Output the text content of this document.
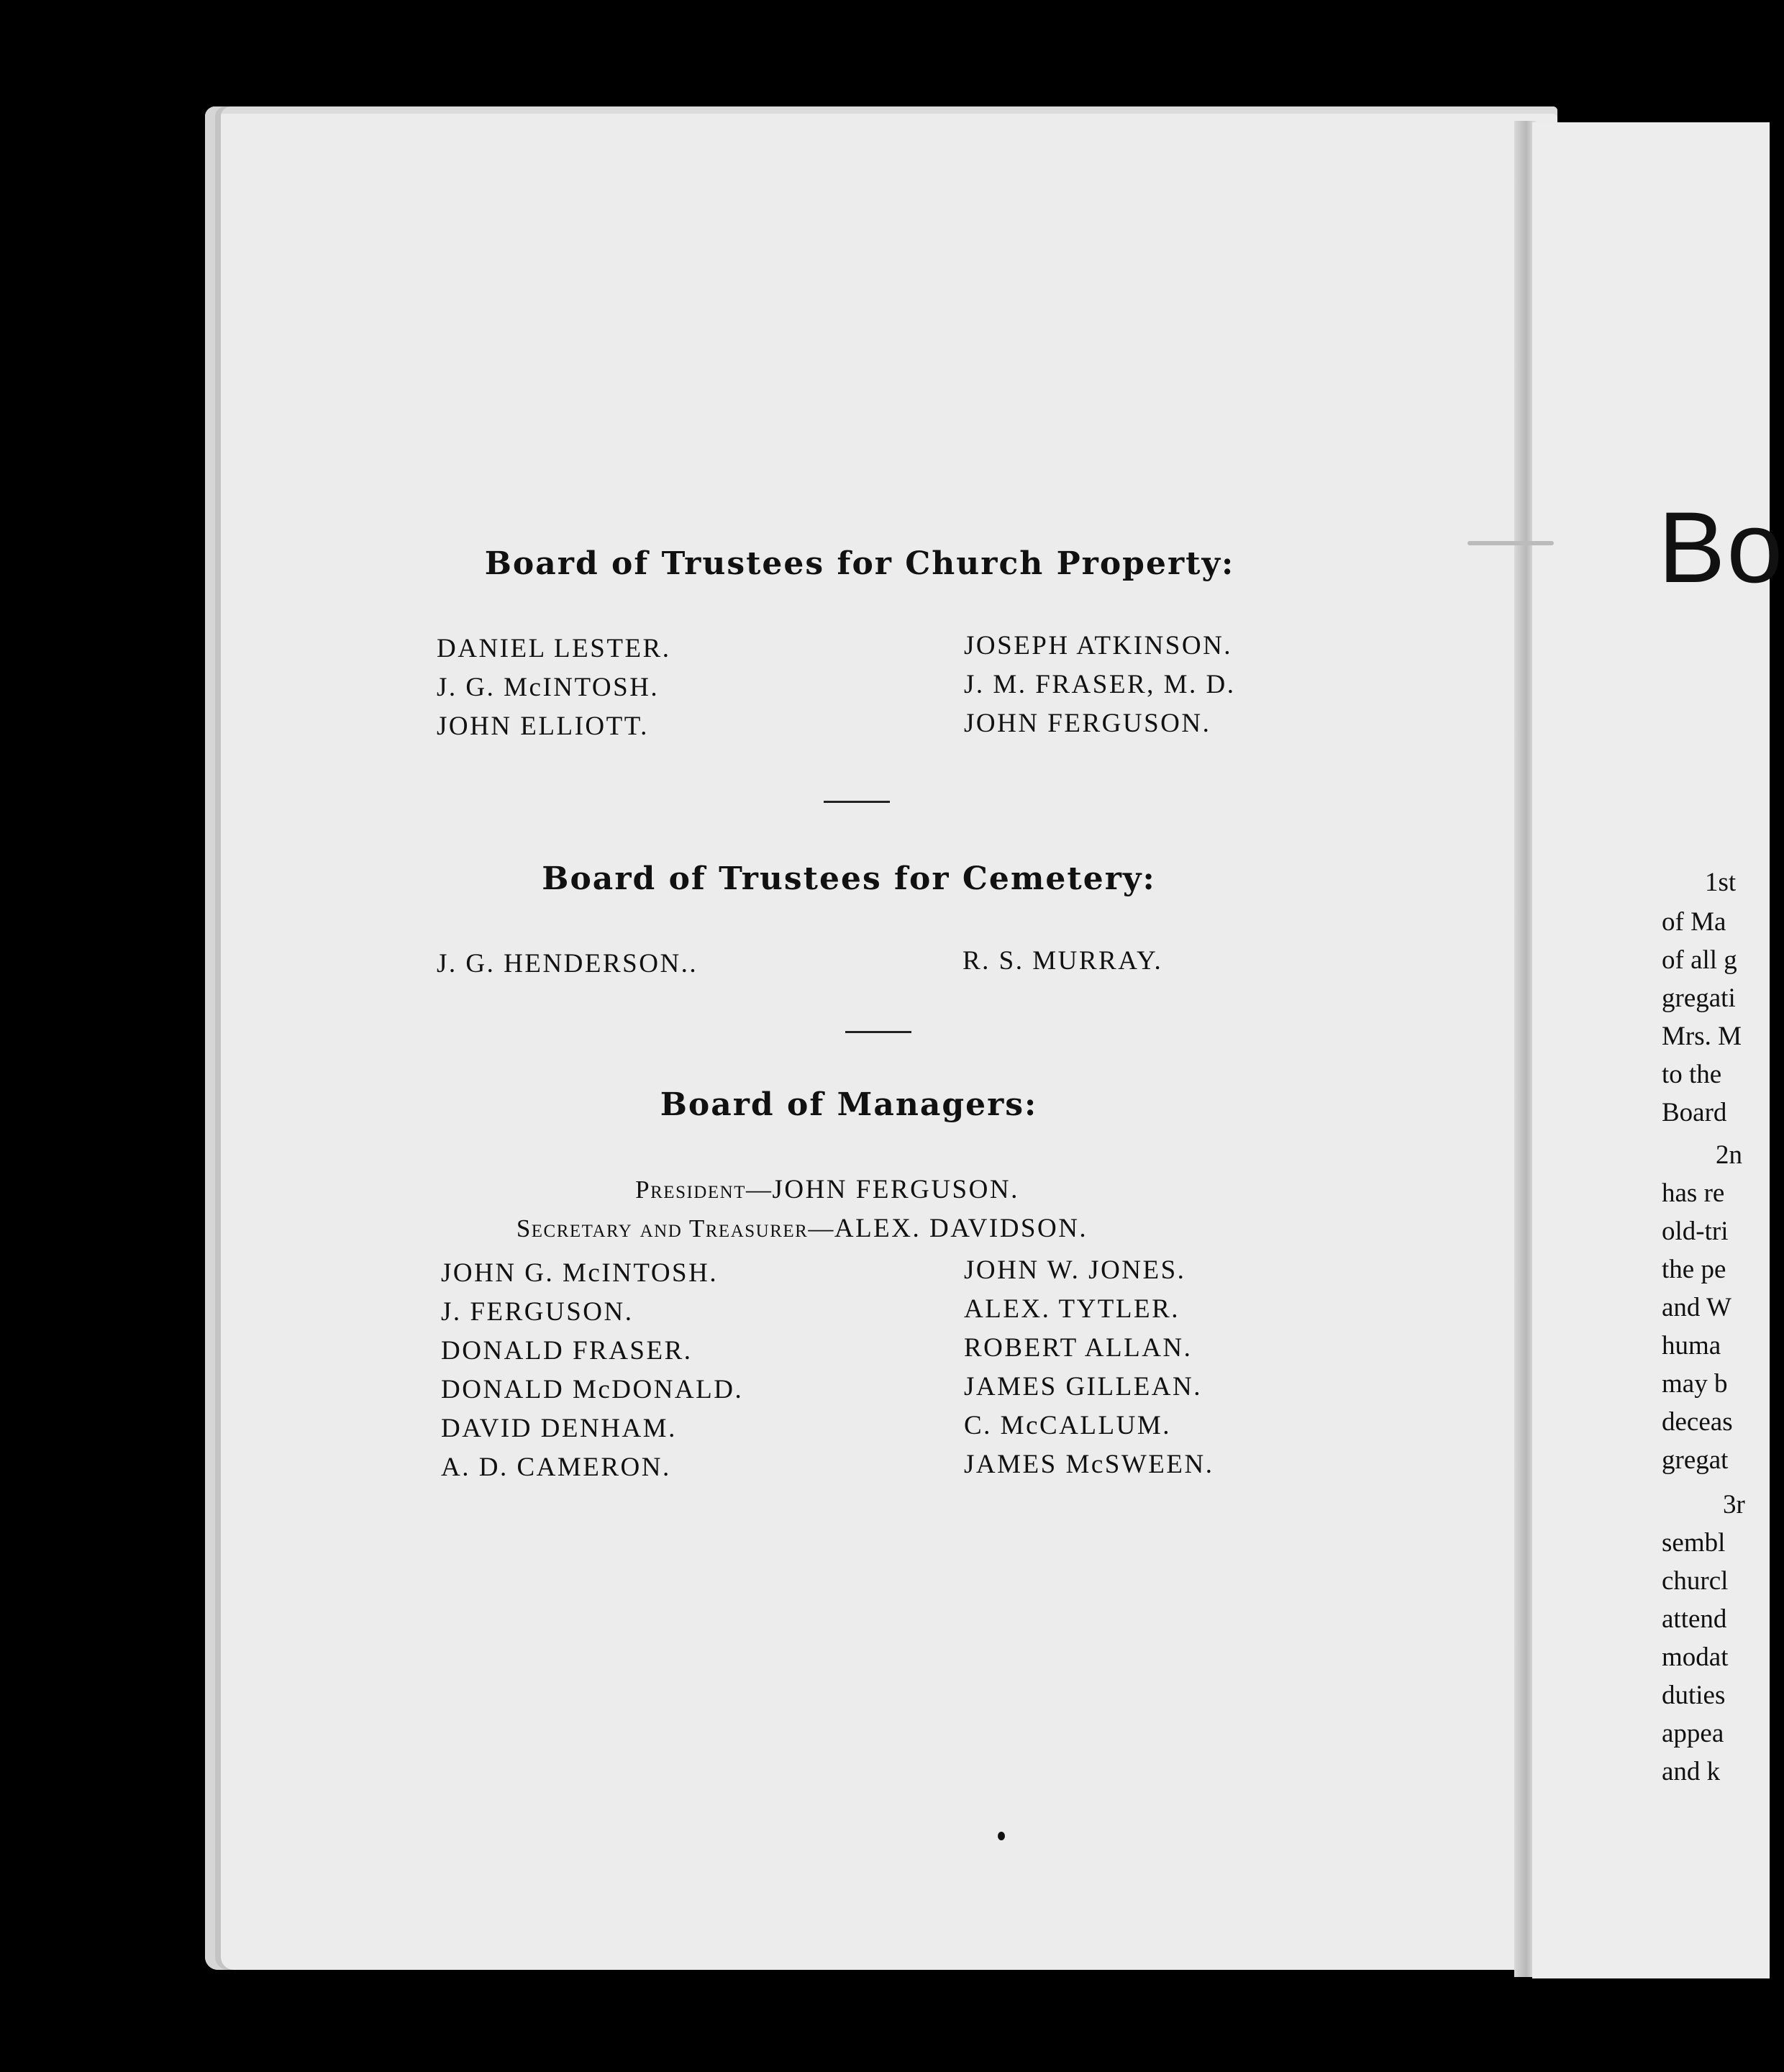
Board of Trustees for Church Property:
DANIEL LESTER.
J. G. McINTOSH.
JOHN ELLIOTT.
JOSEPH ATKINSON.
J. M. FRASER, M. D.
JOHN FERGUSON.
Board of Trustees for Cemetery:
J. G. HENDERSON..	R. S. MURRAY.
Board of Managers:
President—JOHN FERGUSON.
Secretary and Treasurer—ALEX. DAVIDSON.
JOHN G. McINTOSH.
J. FERGUSON.
DONALD FRASER.
DONALD McDONALD.
DAVID DENHAM.
A. D. CAMERON.
JOHN W. JONES.
ALEX. TYTLER.
ROBERT ALLAN.
JAMES GILLEAN.
C. McCALLUM.
JAMES McSWEEN.
Bo
1st
of Ma
of all g
gregati
Mrs. M
to the
Board
2n
has re
old-tri
the pe
and W
huma
may b
deceas
gregat
3r
sembl
churcl
attend
modat
duties
appea
and k
